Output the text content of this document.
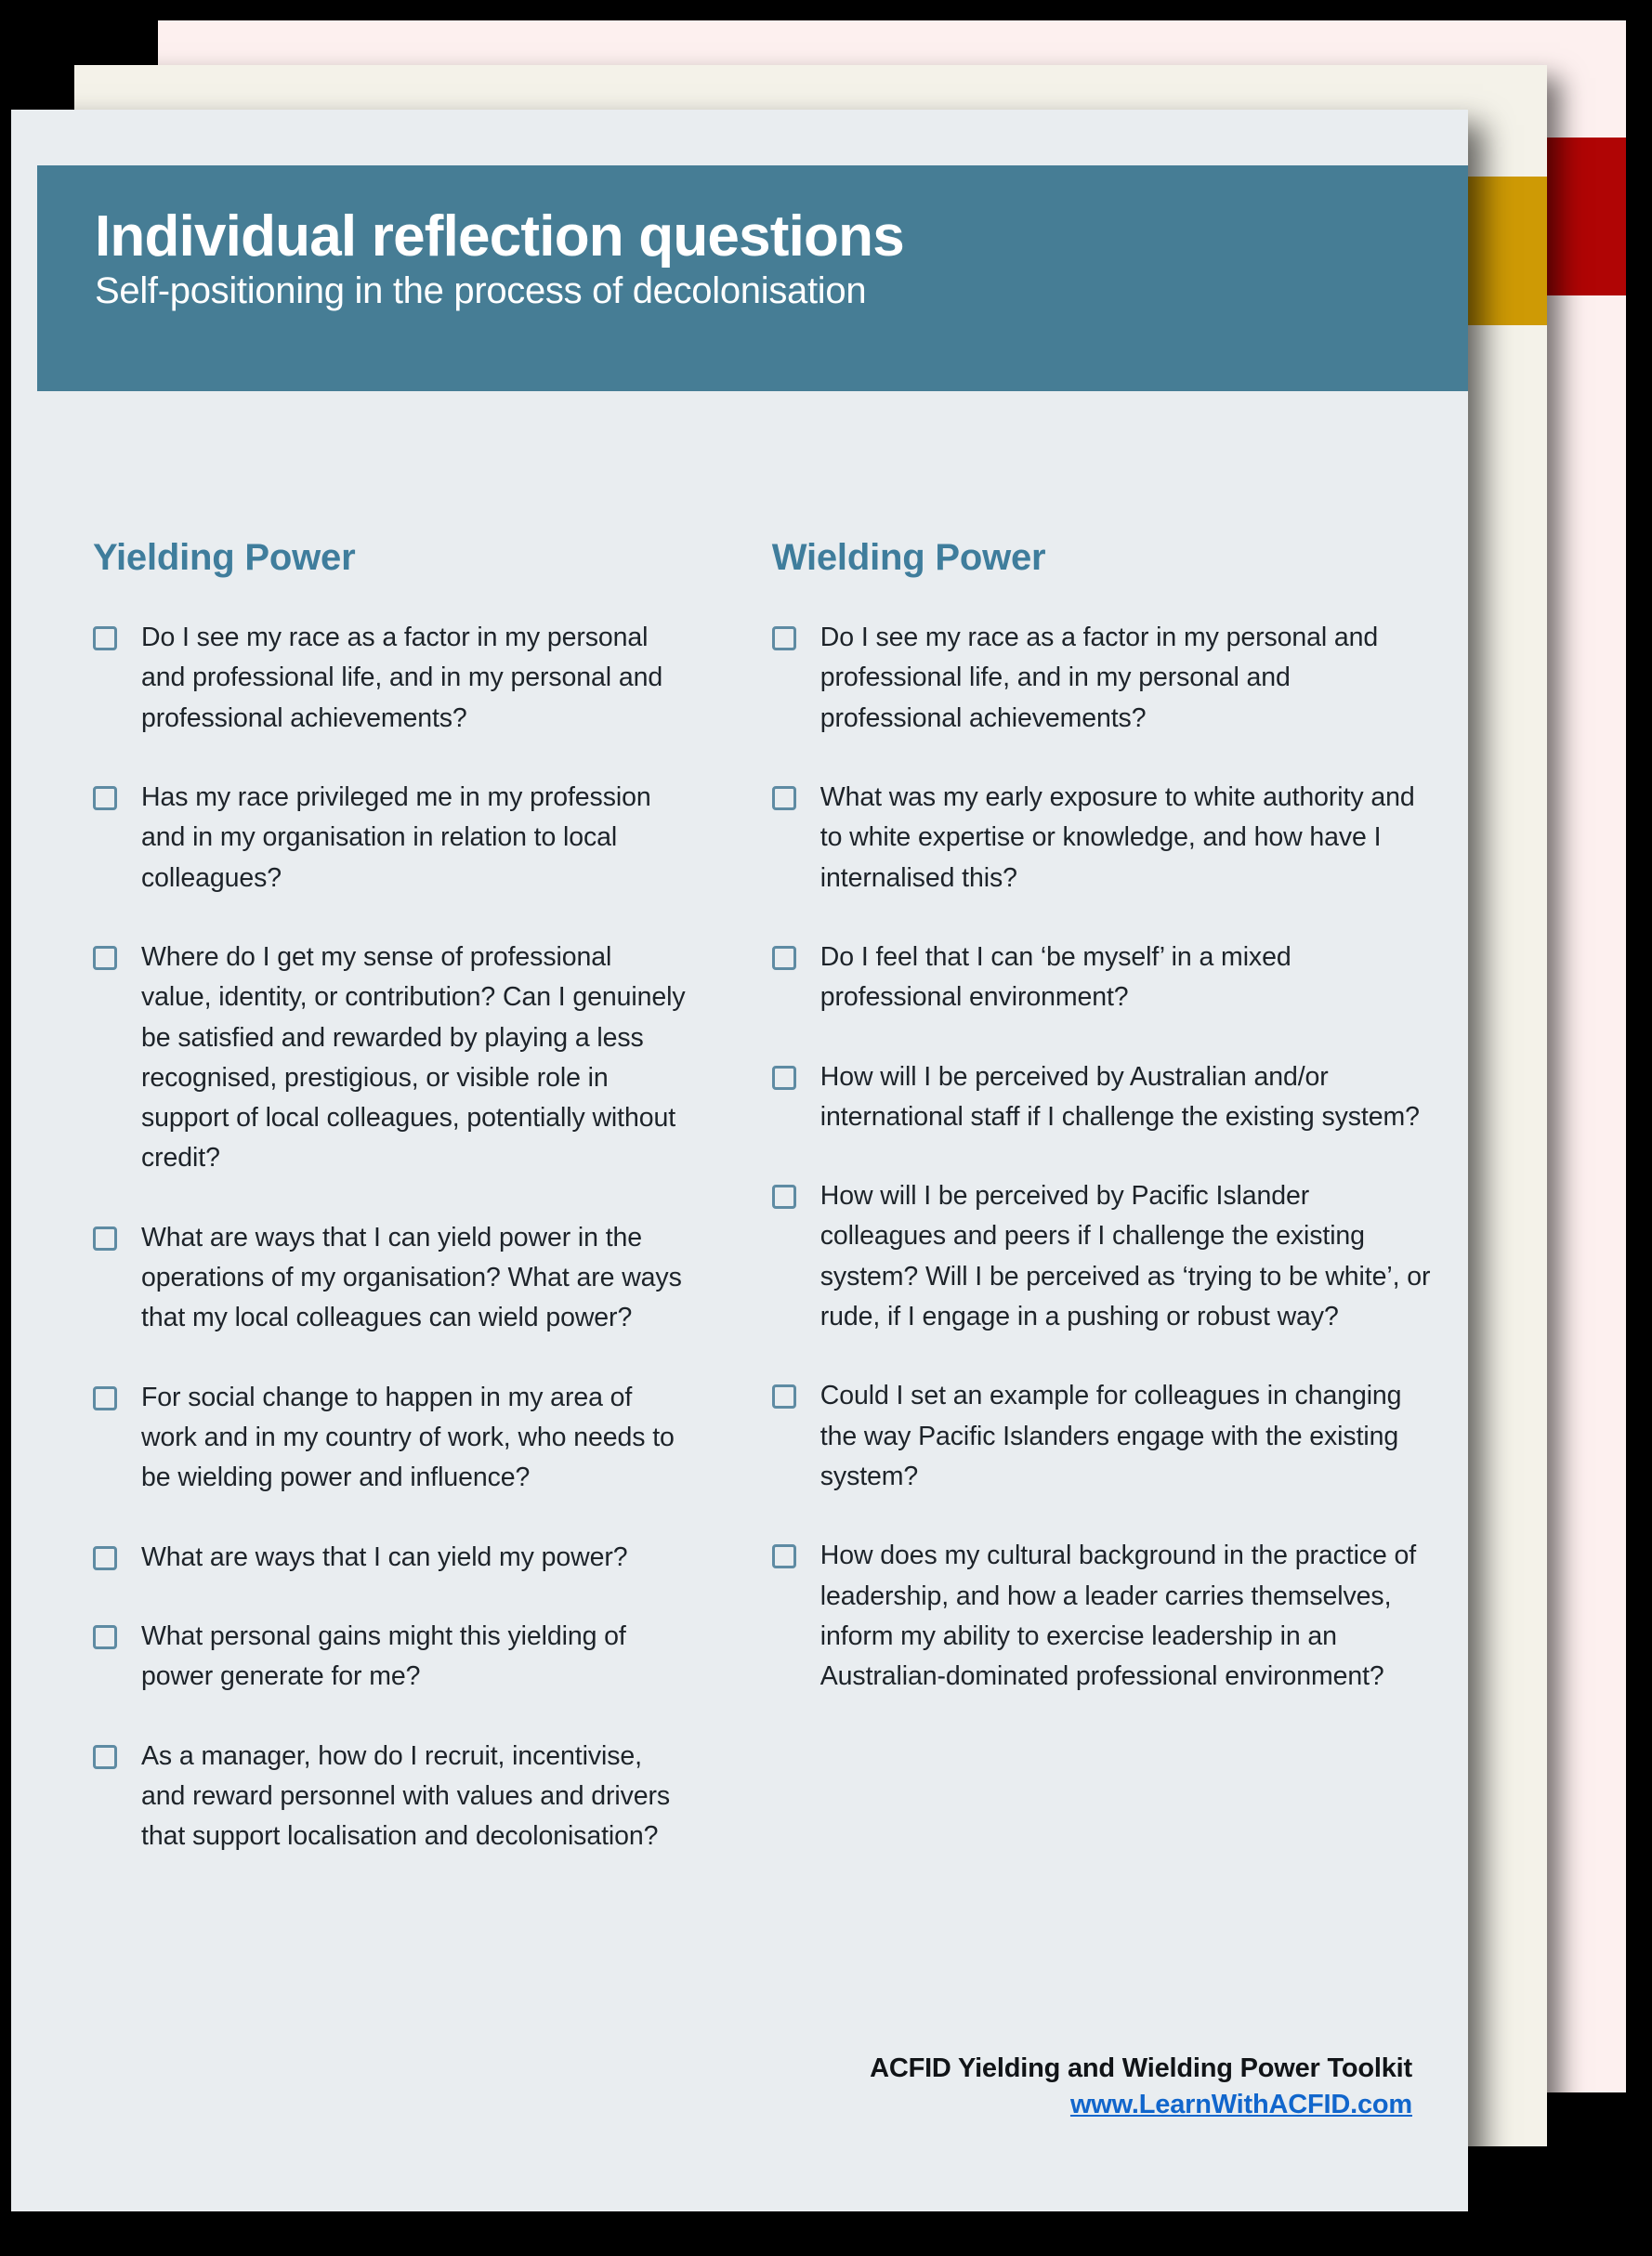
Individual reflection questions
Self-positioning in the process of decolonisation
Yielding Power
Do I see my race as a factor in my personal and professional life, and in my personal and professional achievements?
Has my race privileged me in my profession and in my organisation in relation to local colleagues?
Where do I get my sense of professional value, identity, or contribution? Can I genuinely be satisfied and rewarded by playing a less recognised, prestigious, or visible role in support of local colleagues, potentially without credit?
What are ways that I can yield power in the operations of my organisation? What are ways that my local colleagues can wield power?
For social change to happen in my area of work and in my country of work, who needs to be wielding power and influence?
What are ways that I can yield my power?
What personal gains might this yielding of power generate for me?
As a manager, how do I recruit, incentivise, and reward personnel with values and drivers that support localisation and decolonisation?
Wielding Power
Do I see my race as a factor in my personal and professional life, and in my personal and professional achievements?
What was my early exposure to white authority and to white expertise or knowledge, and how have I internalised this?
Do I feel that I can ‘be myself’ in a mixed professional environment?
How will I be perceived by Australian and/or international staff if I challenge the existing system?
How will I be perceived by Pacific Islander colleagues and peers if I challenge the existing system? Will I be perceived as ‘trying to be white’, or rude, if I engage in a pushing or robust way?
Could I set an example for colleagues in changing the way Pacific Islanders engage with the existing system?
How does my cultural background in the practice of leadership, and how a leader carries themselves, inform my ability to exercise leadership in an Australian-dominated professional environment?
ACFID Yielding and Wielding Power Toolkit
www.LearnWithACFID.com
